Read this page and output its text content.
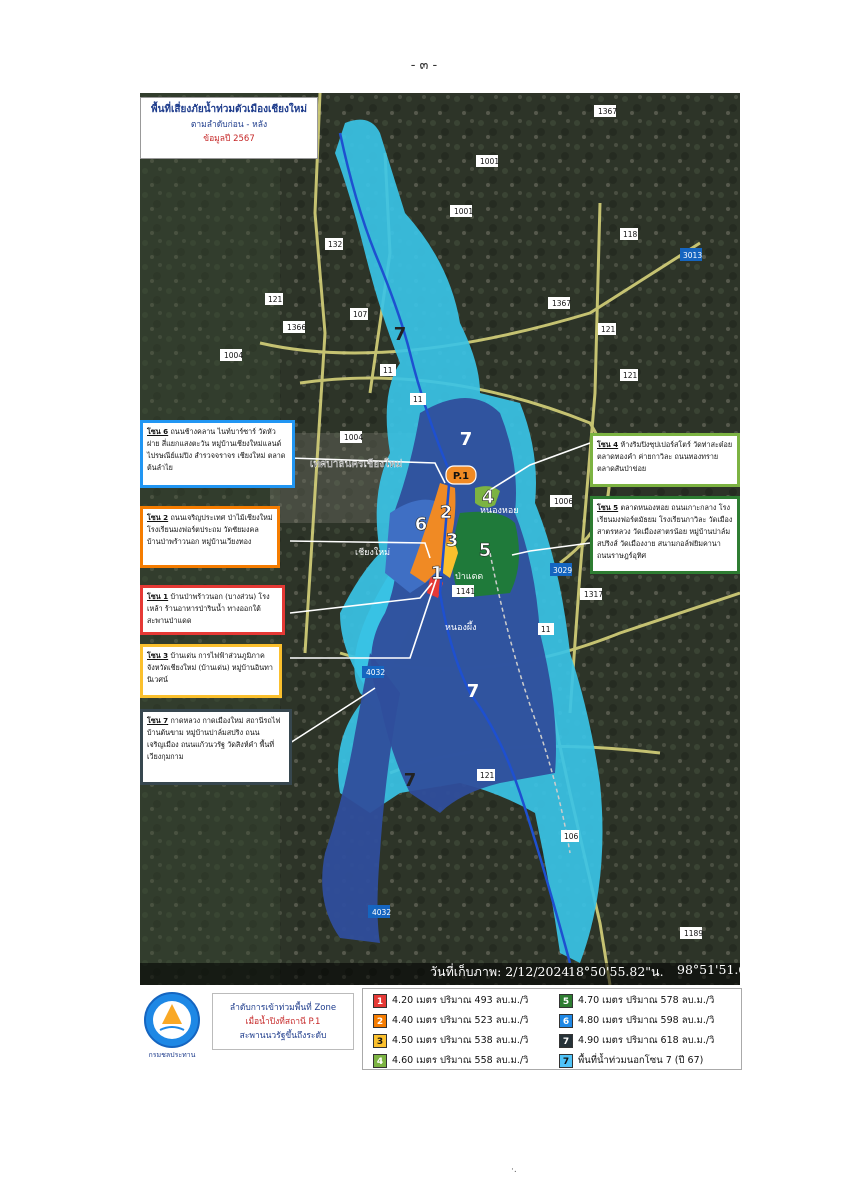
- ๓ -
P.1
เทศบาลนครเชียงใหม่
เชียงใหม่
ป่าแดด
หนองผึ้ง
หนองหอย
1367
1001
1001
118
3013
132
121
107
1366
1367
121
1004
121
11
1004
11
1006
3029
1317
1141
11
4032
121
106
4032
1189
1
2
3
4
5
6
7
7
7
7
พื้นที่เสี่ยงภัยน้ำท่วมตัวเมืองเชียงใหม่
ตามลำดับก่อน - หลัง
ข้อมูลปี 2567
โซน 6 ถนนช้างคลาน ไนท์บาร์ซาร์ วัดหัวฝาย สี่แยกแสงตะวัน หมู่บ้านเชียงใหม่แลนด์ ไปรษณีย์แม่ปิง สำรวจจราจร เชียงใหม่ ตลาดต้นลำไย
โซน 2 ถนนเจริญประเทศ ป่าไม้เชียงใหม่โรงเรียนมงฟอร์ตประถม วัดชัยมงคล บ้านป่าพร้าวนอก หมู่บ้านเวียงทอง
โซน 1 บ้านป่าพร้าวนอก (บางส่วน) โรงเหล้า ร้านอาหารป่ารินน้ำ ทางออกใต้สะพานป่าแดด
โซน 3 บ้านเด่น การไฟฟ้าส่วนภูมิภาค จังหวัดเชียงใหม่ (บ้านเด่น) หมู่บ้านอินทานิเวศน์
โซน 7 กาดหลวง กาดเมืองใหม่ สถานีรถไฟ บ้านต้นขาม หมู่บ้านปาล์มสปริง ถนนเจริญเมือง ถนนแก้วนวรัฐ วัดสิงห์คำ พื้นที่เวียงกุมกาม
โซน 4 ห้างริมปิงซุปเปอร์สโตร์ วัดท่าสะต๋อย ตลาดทองคำ ค่ายกาวิละ ถนนทองทราย ตลาดสันป่าข่อย
โซน 5 ตลาดหนองหอย ถนนเกาะกลาง โรงเรียนมงฟอร์ตมัธยม โรงเรียนกาวิละ วัดเมืองสาตรหลวง วัดเมืองสาตรน้อย หมู่บ้านปาล์มสปริงส์ วัดเมืองงาย สนามกอล์ฟยิมคานา ถนนราษฎร์อุทิศ
วันที่เก็บภาพ: 2/12/2024
18°50'55.82"น. 98°51'51.61
กรมชลประทาน
ลำดับการเข้าท่วมพื้นที่ Zone
เมื่อน้ำปิงที่สถานี P.1
สะพานนวรัฐขึ้นถึงระดับ
1 4.20 เมตร ปริมาณ 493 ลบ.ม./วิ
2 4.40 เมตร ปริมาณ 523 ลบ.ม./วิ
3 4.50 เมตร ปริมาณ 538 ลบ.ม./วิ
4 4.60 เมตร ปริมาณ 558 ลบ.ม./วิ
5 4.70 เมตร ปริมาณ 578 ลบ.ม./วิ
6 4.80 เมตร ปริมาณ 598 ลบ.ม./วิ
7 4.90 เมตร ปริมาณ 618 ลบ.ม./วิ
7 พื้นที่น้ำท่วมนอกโซน 7 (ปี 67)
·.
